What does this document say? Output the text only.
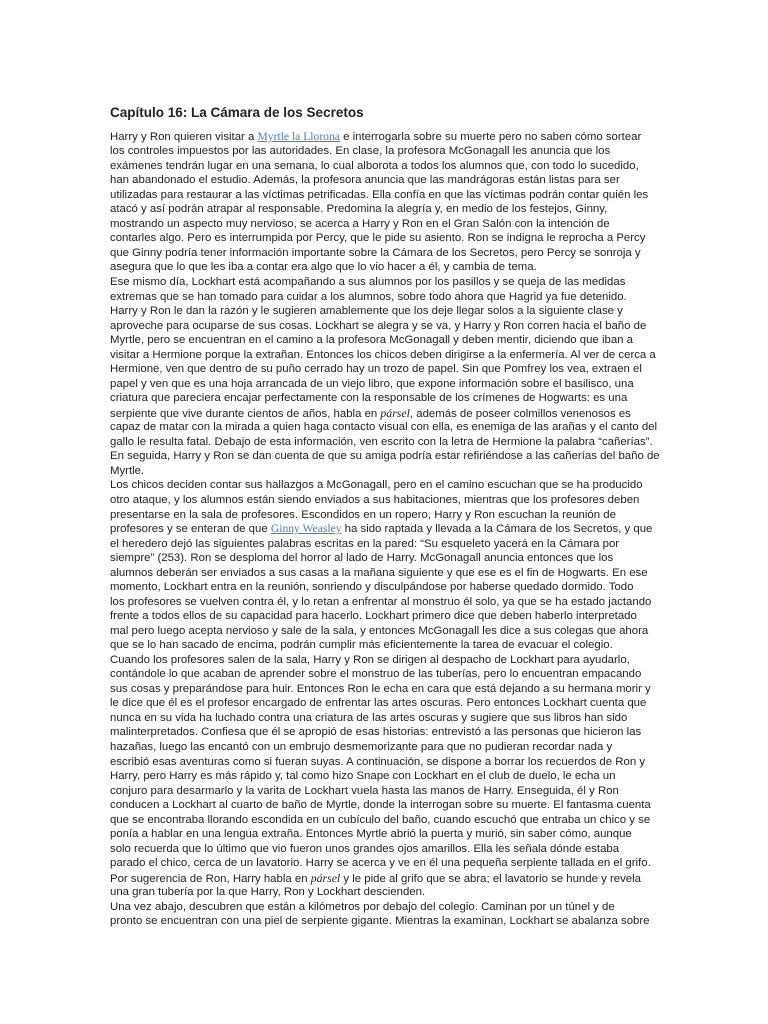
Capítulo 16: La Cámara de los Secretos
Harry y Ron quieren visitar a Myrtle la Llorona e interrogarla sobre su muerte pero no saben cómo sortear
los controles impuestos por las autoridades. En clase, la profesora McGonagall les anuncia que los
exámenes tendrán lugar en una semana, lo cual alborota a todos los alumnos que, con todo lo sucedido,
han abandonado el estudio. Además, la profesora anuncia que las mandrágoras están listas para ser
utilizadas para restaurar a las víctimas petrificadas. Ella confía en que las víctimas podrán contar quién les
atacó y así podrán atrapar al responsable. Predomina la alegría y, en medio de los festejos, Ginny,
mostrando un aspecto muy nervioso, se acerca a Harry y Ron en el Gran Salón con la intención de
contarles algo. Pero es interrumpida por Percy, que le pide su asiento. Ron se indigna le reprocha a Percy
que Ginny podría tener información importante sobre la Cámara de los Secretos, pero Percy se sonroja y
asegura que lo que les iba a contar era algo que lo vio hacer a él, y cambia de tema.
Ese mismo día, Lockhart está acompañando a sus alumnos por los pasillos y se queja de las medidas
extremas que se han tomado para cuidar a los alumnos, sobre todo ahora que Hagrid ya fue detenido.
Harry y Ron le dan la razón y le sugieren amablemente que los deje llegar solos a la siguiente clase y
aproveche para ocuparse de sus cosas. Lockhart se alegra y se va, y Harry y Ron corren hacia el baño de
Myrtle, pero se encuentran en el camino a la profesora McGonagall y deben mentir, diciendo que iban a
visitar a Hermione porque la extrañan. Entonces los chicos deben dirigirse a la enfermería. Al ver de cerca a
Hermione, ven que dentro de su puño cerrado hay un trozo de papel. Sin que Pomfrey los vea, extraen el
papel y ven que es una hoja arrancada de un viejo libro, que expone información sobre el basilisco, una
criatura que pareciera encajar perfectamente con la responsable de los crímenes de Hogwarts: es una
serpiente que vive durante cientos de años, habla en pársel, además de poseer colmillos venenosos es
capaz de matar con la mirada a quien haga contacto visual con ella, es enemiga de las arañas y el canto del
gallo le resulta fatal. Debajo de esta información, ven escrito con la letra de Hermione la palabra “cañerías”.
En seguida, Harry y Ron se dan cuenta de que su amiga podría estar refiriéndose a las cañerías del baño de
Myrtle.
Los chicos deciden contar sus hallazgos a McGonagall, pero en el camino escuchan que se ha producido
otro ataque, y los alumnos están siendo enviados a sus habitaciones, mientras que los profesores deben
presentarse en la sala de profesores. Escondidos en un ropero, Harry y Ron escuchan la reunión de
profesores y se enteran de que Ginny Weasley ha sido raptada y llevada a la Cámara de los Secretos, y que
el heredero dejó las siguientes palabras escritas en la pared: “Su esqueleto yacerá en la Cámara por
siempre” (253). Ron se desploma del horror al lado de Harry. McGonagall anuncia entonces que los
alumnos deberán ser enviados a sus casas a la mañana siguiente y que ese es el fin de Hogwarts. En ese
momento, Lockhart entra en la reunión, sonriendo y disculpándose por haberse quedado dormido. Todo
los profesores se vuelven contra él, y lo retan a enfrentar al monstruo él solo, ya que se ha estado jactando
frente a todos ellos de su capacidad para hacerlo. Lockhart primero dice que deben haberlo interpretado
mal pero luego acepta nervioso y sale de la sala, y entonces McGonagall les dice a sus colegas que ahora
que se lo han sacado de encima, podrán cumplir más eficientemente la tarea de evacuar el colegio.
Cuando los profesores salen de la sala, Harry y Ron se dirigen al despacho de Lockhart para ayudarlo,
contándole lo que acaban de aprender sobre el monstruo de las tuberías, pero lo encuentran empacando
sus cosas y preparándose para huir. Entonces Ron le echa en cara que está dejando a su hermana morir y
le dice que él es el profesor encargado de enfrentar las artes oscuras. Pero entonces Lockhart cuenta que
nunca en su vida ha luchado contra una criatura de las artes oscuras y sugiere que sus libros han sido
malinterpretados. Confiesa que él se apropió de esas historias: entrevistó a las personas que hicieron las
hazañas, luego las encantó con un embrujo desmemorizante para que no pudieran recordar nada y
escribió esas aventuras como si fueran suyas. A continuación, se dispone a borrar los recuerdos de Ron y
Harry, pero Harry es más rápido y, tal como hizo Snape con Lockhart en el club de duelo, le echa un
conjuro para desarmarlo y la varita de Lockhart vuela hasta las manos de Harry. Enseguida, él y Ron
conducen a Lockhart al cuarto de baño de Myrtle, donde la interrogan sobre su muerte. El fantasma cuenta
que se encontraba llorando escondida en un cubículo del baño, cuando escuchó que entraba un chico y se
ponía a hablar en una lengua extraña. Entonces Myrtle abrió la puerta y murió, sin saber cómo, aunque
solo recuerda que lo último que vio fueron unos grandes ojos amarillos. Ella les señala dónde estaba
parado el chico, cerca de un lavatorio. Harry se acerca y ve en él una pequeña serpiente tallada en el grifo.
Por sugerencia de Ron, Harry habla en pársel y le pide al grifo que se abra; el lavatorio se hunde y revela
una gran tubería por la que Harry, Ron y Lockhart descienden.
Una vez abajo, descubren que están a kilómetros por debajo del colegio. Caminan por un túnel y de
pronto se encuentran con una piel de serpiente gigante. Mientras la examinan, Lockhart se abalanza sobre
